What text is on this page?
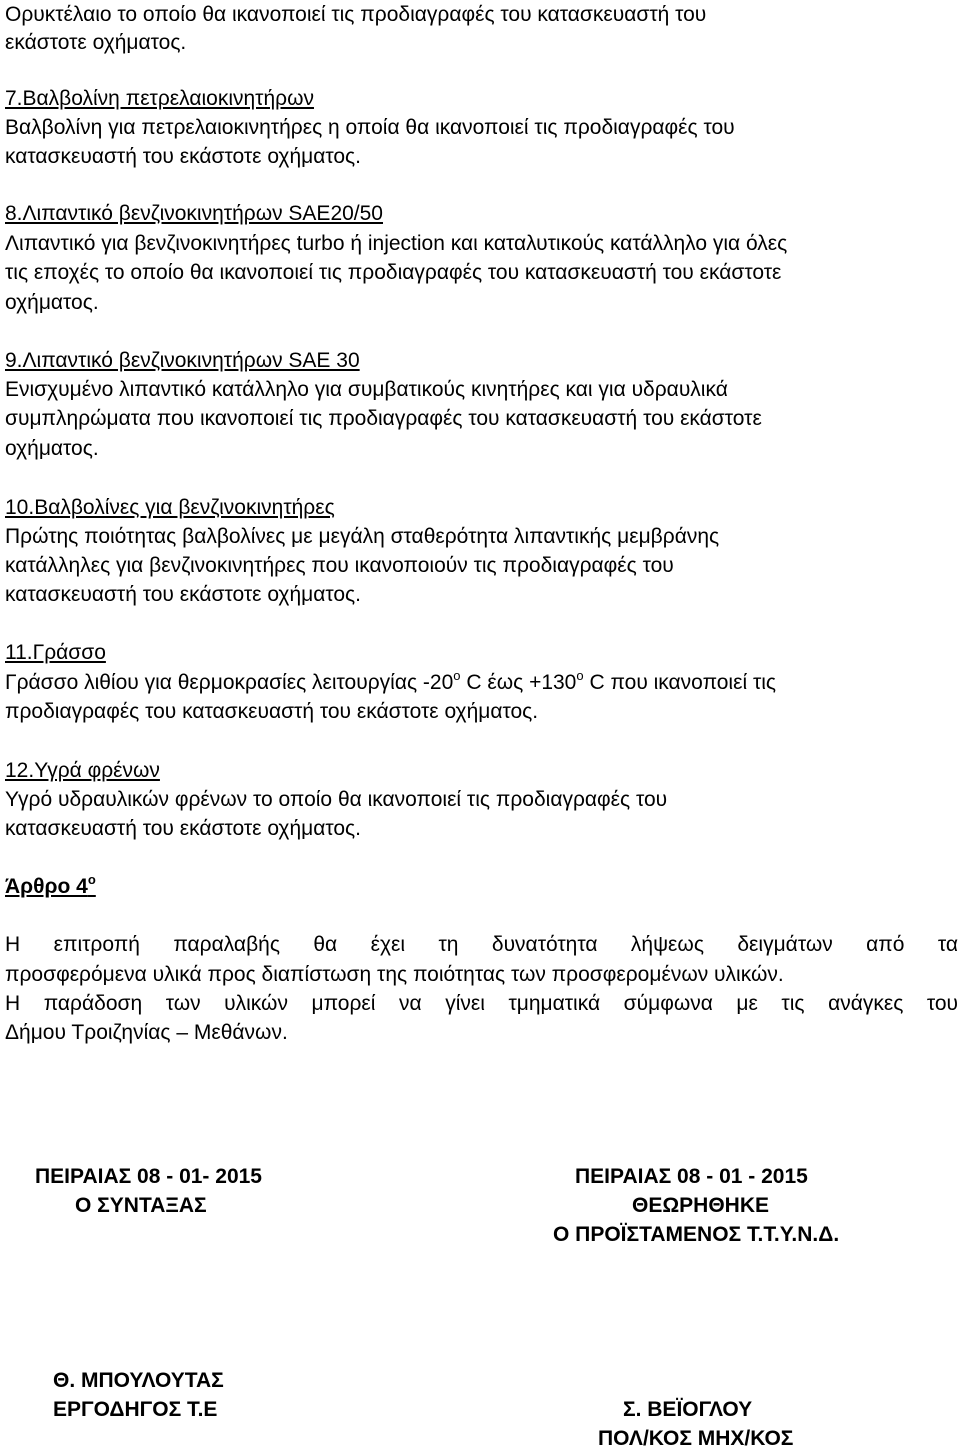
Ορυκτέλαιο το οποίο θα ικανοποιεί τις προδιαγραφές του κατασκευαστή του
εκάστοτε οχήματος.
7.Βαλβολίνη πετρελαιοκινητήρων
Βαλβολίνη για πετρελαιοκινητήρες η οποία θα ικανοποιεί τις προδιαγραφές του
κατασκευαστή του εκάστοτε οχήματος.
8.Λιπαντικό βενζινοκινητήρων SAE20/50
Λιπαντικό για βενζινοκινητήρες turbo ή injection και καταλυτικούς κατάλληλο για όλες
τις εποχές το οποίο θα ικανοποιεί τις προδιαγραφές του κατασκευαστή του εκάστοτε
οχήματος.
9.Λιπαντικό βενζινοκινητήρων SAE 30
Ενισχυμένο λιπαντικό κατάλληλο για συμβατικούς κινητήρες και για υδραυλικά
συμπληρώματα που ικανοποιεί τις προδιαγραφές του κατασκευαστή του εκάστοτε
οχήματος.
10.Βαλβολίνες για βενζινοκινητήρες
Πρώτης ποιότητας βαλβολίνες με μεγάλη σταθερότητα λιπαντικής μεμβράνης
κατάλληλες για βενζινοκινητήρες που ικανοποιούν τις προδιαγραφές του
κατασκευαστή του εκάστοτε οχήματος.
11.Γράσσο
Γράσσο λιθίου για θερμοκρασίες λειτουργίας $-20^o$ C $έ\omega\varsigma +130^o$ C που ικανοποιεί τις
προδιαγραφές του κατασκευαστή του εκάστοτε οχήματος.
12.Υγρά φρένων
Υγρό υδραυλικών φρένων το οποίο θα ικανοποιεί τις προδιαγραφές του
κατασκευαστή του εκάστοτε οχήματος.
Άρθρο $4^o$
Η επιτροπή παραλαβής θα έχει τη δυνατότητα λήψεως δειγμάτων από τα
προσφερόμενα υλικά προς διαπίστωση της ποιότητας των προσφερομένων υλικών.
Η παράδοση των υλικών μπορεί να γίνει τμηματικά σύμφωνα με τις ανάγκες του
Δήμου Τροιζηνίας – Μεθάνων.
ΠΕΙΡΑΙΑΣ 08 - 01- 2015
Ο ΣΥΝΤΑΞΑΣ
ΠΕΙΡΑΙΑΣ 08 - 01 - 2015
ΘΕΩΡΗΘΗΚΕ
Ο ΠΡΟΪΣΤΑΜΕΝΟΣ Τ.Τ.Υ.Ν.Δ.
Θ. ΜΠΟΥΛΟΥΤΑΣ
ΕΡΓΟΔΗΓΟΣ Τ.Ε	Σ. ΒΕΪΟΓΛΟΥ
ΠΟΛ/ΚΟΣ ΜΗΧ/ΚΟΣ
